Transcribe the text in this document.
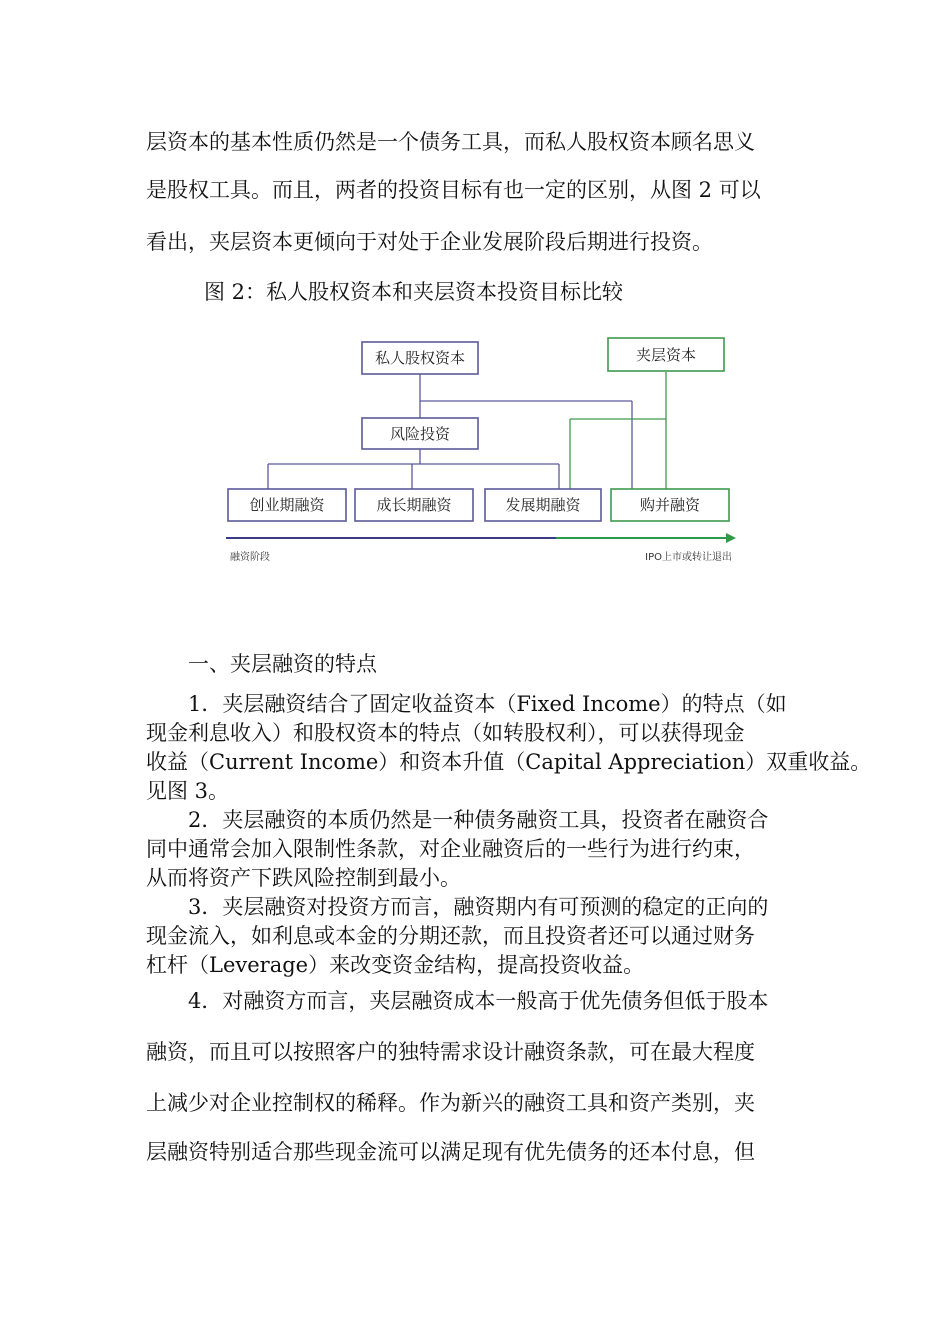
层资本的基本性质仍然是一个债务工具，而私人股权资本顾名思义
是股权工具。而且，两者的投资目标有也一定的区别，从图 2 可以
看出，夹层资本更倾向于对处于企业发展阶段后期进行投资。
图 2：私人股权资本和夹层资本投资目标比较
私人股权资本	夹层资本
风险投资
创业期融资	成长期融资	发展期融资	购并融资
融资阶段	IPO上市或转让退出
一、夹层融资的特点
1．夹层融资结合了固定收益资本（Fixed Income）的特点（如
现金利息收入）和股权资本的特点（如转股权利），可以获得现金
收益（Current Income）和资本升值（Capital Appreciation）双重收益。
见图 3。
2．夹层融资的本质仍然是一种债务融资工具，投资者在融资合
同中通常会加入限制性条款，对企业融资后的一些行为进行约束，
从而将资产下跌风险控制到最小。
3．夹层融资对投资方而言，融资期内有可预测的稳定的正向的
现金流入，如利息或本金的分期还款，而且投资者还可以通过财务
杠杆（Leverage）来改变资金结构，提高投资收益。
4．对融资方而言，夹层融资成本一般高于优先债务但低于股本
融资，而且可以按照客户的独特需求设计融资条款，可在最大程度
上减少对企业控制权的稀释。作为新兴的融资工具和资产类别，夹
层融资特别适合那些现金流可以满足现有优先债务的还本付息，但
